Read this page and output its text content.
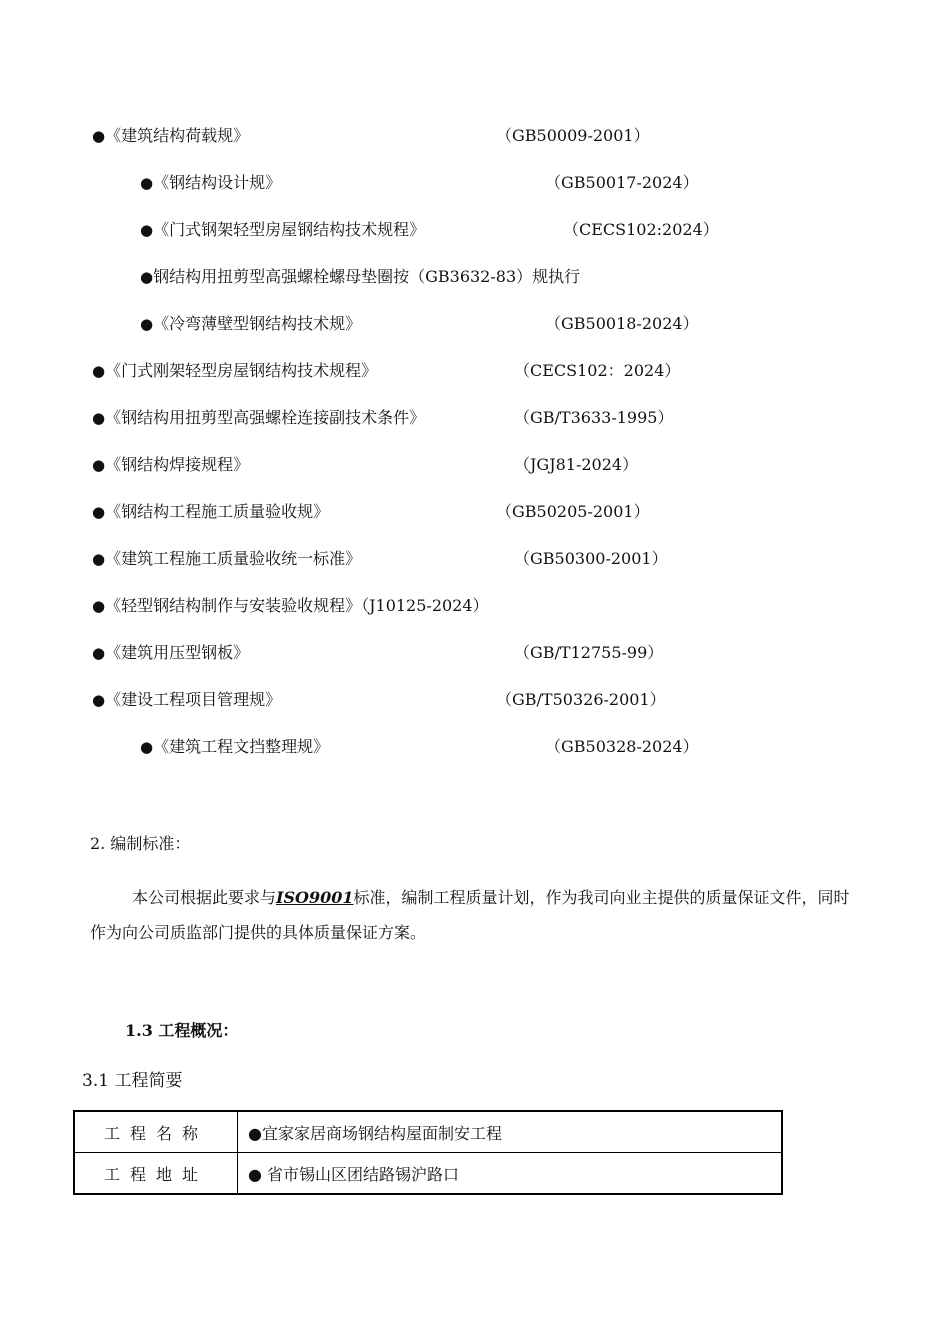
●《建筑结构荷载规》	（GB50009-2001）
●《钢结构设计规》	（GB50017-2024）
●《门式钢架轻型房屋钢结构技术规程》	（CECS102:2024）
●钢结构用扭剪型高强螺栓螺母垫圈按（GB3632-83）规执行
●《冷弯薄壁型钢结构技术规》	（GB50018-2024）
●《门式刚架轻型房屋钢结构技术规程》	（CECS102：2024）
●《钢结构用扭剪型高强螺栓连接副技术条件》	（GB/T3633-1995）
●《钢结构焊接规程》	（JGJ81-2024）
●《钢结构工程施工质量验收规》	（GB50205-2001）
●《建筑工程施工质量验收统一标准》	（GB50300-2001）
●《轻型钢结构制作与安装验收规程》（J10125-2024）
●《建筑用压型钢板》	（GB/T12755-99）
●《建设工程项目管理规》	（GB/T50326-2001）
●《建筑工程文挡整理规》	（GB50328-2024）
2. 编制标准：
本公司根据此要求与ISO9001标准，编制工程质量计划，作为我司向业主提供的质量保证文件，同时作为向公司质监部门提供的具体质量保证方案。
1.3 工程概况：
3.1 工程简要
工程名称	●宜家家居商场钢结构屋面制安工程
工程地址	● 省市锡山区团结路锡沪路口
